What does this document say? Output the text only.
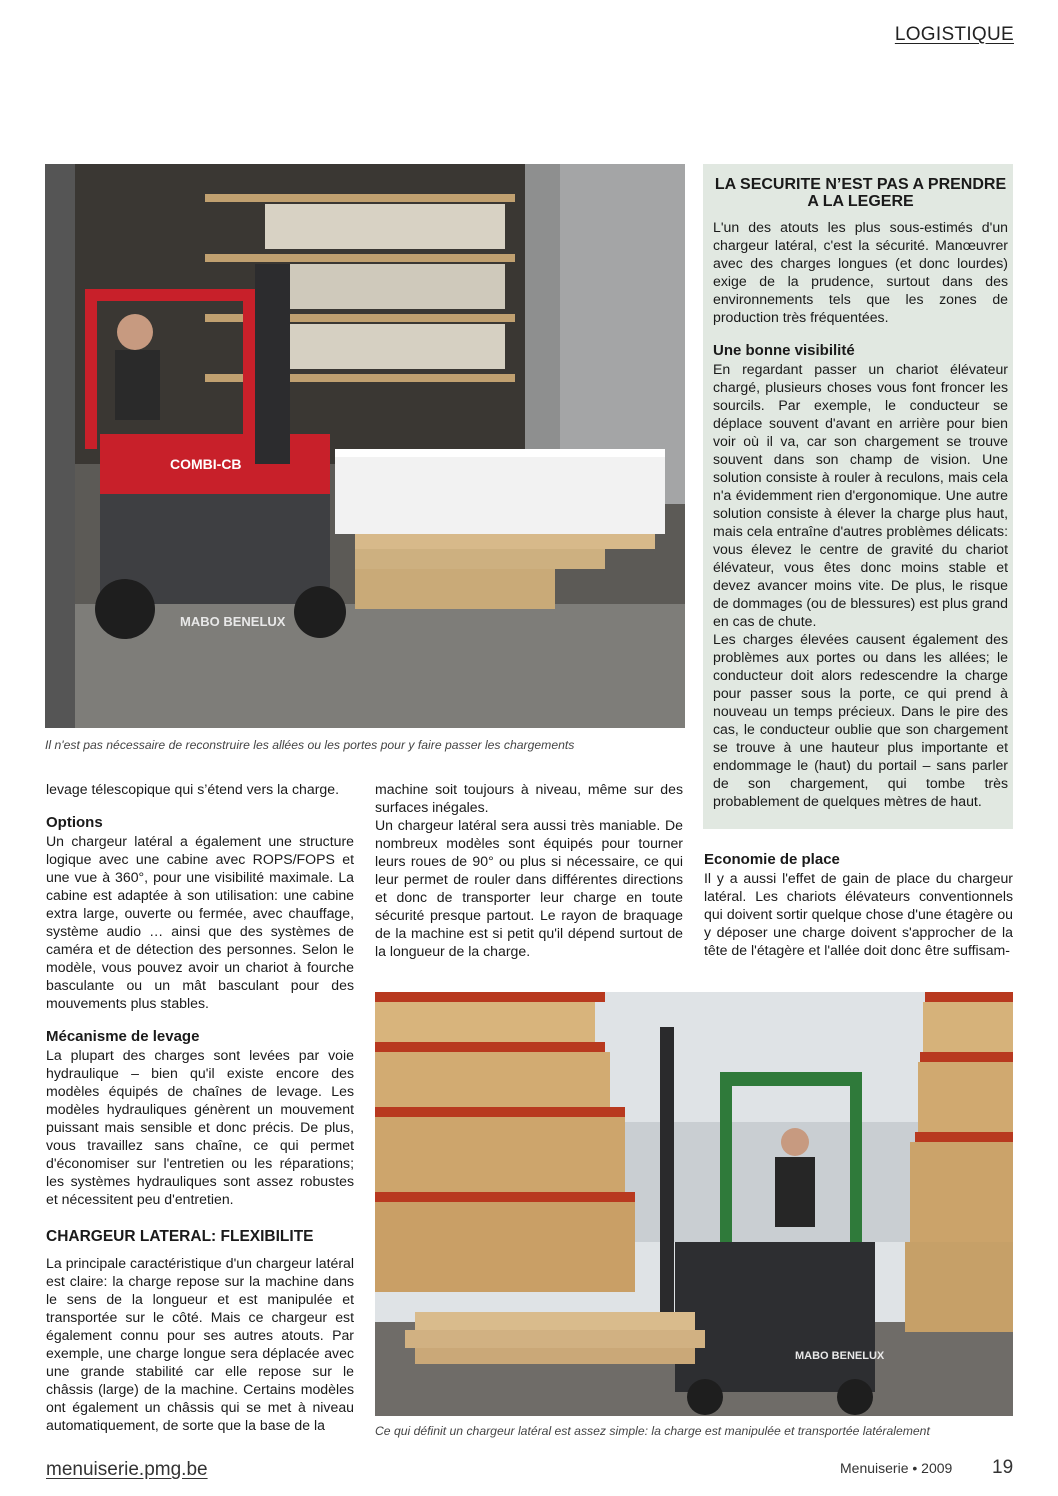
LOGISTIQUE
COMBI-CB
MABO BENELUX
Il n'est pas nécessaire de reconstruire les allées ou les portes pour y faire passer les chargements
LA SECURITE N’EST PAS A PRENDRE A LA LEGERE

L'un des atouts les plus sous-estimés d'un chargeur latéral, c'est la sécurité. Manœuvrer avec des charges longues (et donc lourdes) exige de la prudence, surtout dans des environnements tels que les zones de production très fréquentées.

Une bonne visibilité

En regardant passer un chariot élévateur chargé, plusieurs choses vous font froncer les sourcils. Par exemple, le conducteur se déplace souvent d'avant en arrière pour bien voir où il va, car son chargement se trouve souvent dans son champ de vision. Une solution consiste à rouler à reculons, mais cela n'a évidemment rien d'ergonomique. Une autre solution consiste à élever la charge plus haut, mais cela entraîne d'autres problèmes délicats: vous élevez le centre de gravité du chariot élévateur, vous êtes donc moins stable et devez avancer moins vite. De plus, le risque de dommages (ou de blessures) est plus grand en cas de chute.

Les charges élevées causent également des problèmes aux portes ou dans les allées; le conducteur doit alors redescendre la charge pour passer sous la porte, ce qui prend à nouveau un temps précieux. Dans le pire des cas, le conducteur oublie que son chargement se trouve à une hauteur plus importante et endommage le (haut) du portail – sans parler de son chargement, qui tombe très probablement de quelques mètres de haut.

levage télescopique qui s’étend vers la charge.

Options

Un chargeur latéral a également une structure logique avec une cabine avec ROPS/FOPS et une vue à 360°, pour une visibilité maximale. La cabine est adaptée à son utilisation: une cabine extra large, ouverte ou fermée, avec chauffage, système audio … ainsi que des systèmes de caméra et de détection des personnes. Selon le modèle, vous pouvez avoir un chariot à fourche basculante ou un mât basculant pour des mouvements plus stables.

Mécanisme de levage

La plupart des charges sont levées par voie hydraulique – bien qu'il existe encore des modèles équipés de chaînes de levage. Les modèles hydrauliques génèrent un mouvement puissant mais sensible et donc précis. De plus, vous travaillez sans chaîne, ce qui permet d'économiser sur l'entretien ou les réparations; les systèmes hydrauliques sont assez robustes et nécessitent peu d'entretien.

CHARGEUR LATERAL: FLEXIBILITE

La principale caractéristique d'un chargeur latéral est claire: la charge repose sur la machine dans le sens de la longueur et est manipulée et transportée sur le côté. Mais ce chargeur est également connu pour ses autres atouts. Par exemple, une charge longue sera déplacée avec une grande stabilité car elle repose sur le châssis (large) de la machine. Certains modèles ont également un châssis qui se met à niveau automatiquement, de sorte que la base de la

machine soit toujours à niveau, même sur des surfaces inégales.

Un chargeur latéral sera aussi très maniable. De nombreux modèles sont équipés pour tourner leurs roues de 90° ou plus si nécessaire, ce qui leur permet de rouler dans différentes directions et donc de transporter leur charge en toute sécurité presque partout. Le rayon de braquage de la machine est si petit qu'il dépend surtout de la longueur de la charge.

Economie de place

Il y a aussi l'effet de gain de place du chargeur latéral. Les chariots élévateurs conventionnels qui doivent sortir quelque chose d'une étagère ou y déposer une charge doivent s'approcher de la tête de l'étagère et l'allée doit donc être suffisam-

MABO BENELUX
Ce qui définit un chargeur latéral est assez simple: la charge est manipulée et transportée latéralement
menuiserie.pmg.be	Menuiserie • 2009 19
